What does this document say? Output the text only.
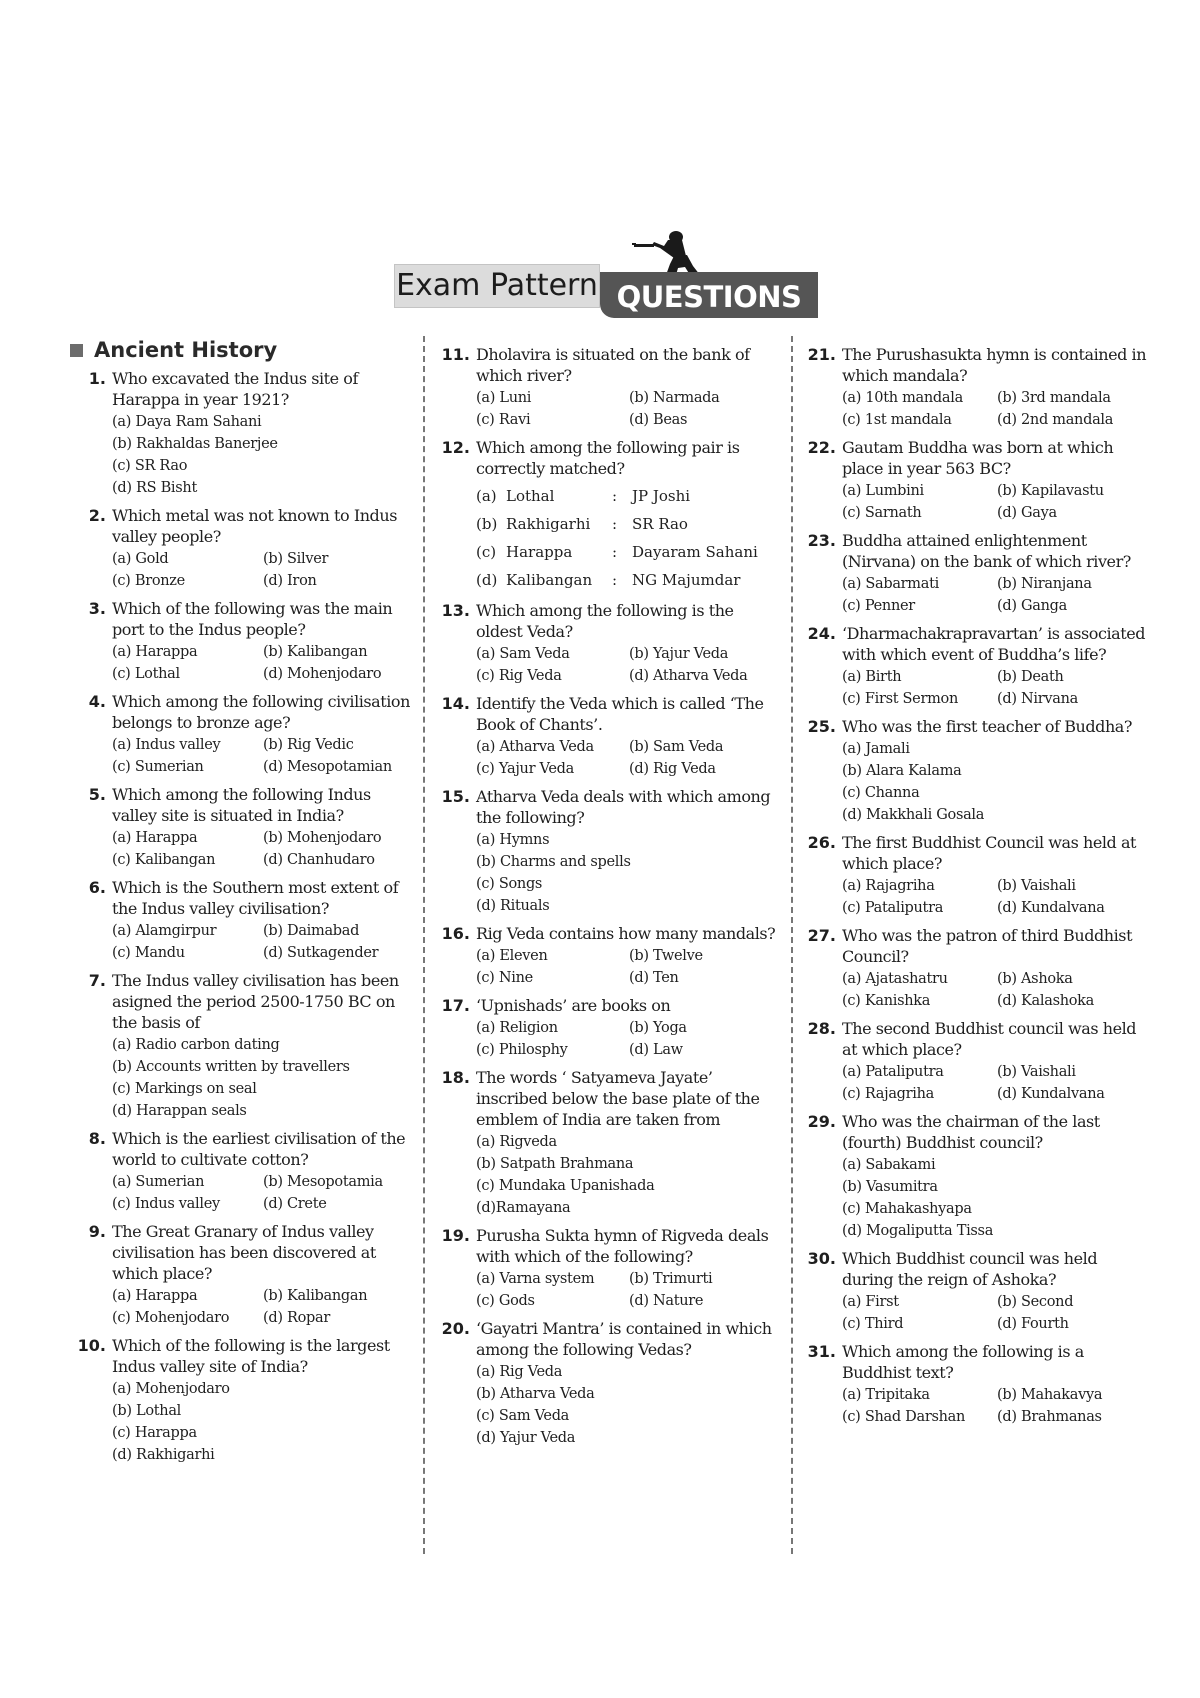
Exam Pattern QUESTIONS
Ancient History
1. Who excavated the Indus site of Harappa in year 1921?
(a) Daya Ram Sahani
(b) Rakhaldas Banerjee
(c) SR Rao
(d) RS Bisht
2. Which metal was not known to Indus valley people?
(a) Gold	(b) Silver
(c) Bronze	(d) Iron
3. Which of the following was the main port to the Indus people?
(a) Harappa	(b) Kalibangan
(c) Lothal	(d) Mohenjodaro
4. Which among the following civilisation belongs to bronze age?
(a) Indus valley	(b) Rig Vedic
(c) Sumerian	(d) Mesopotamian
5. Which among the following Indus valley site is situated in India?
(a) Harappa	(b) Mohenjodaro
(c) Kalibangan	(d) Chanhudaro
6. Which is the Southern most extent of the Indus valley civilisation?
(a) Alamgirpur	(b) Daimabad
(c) Mandu	(d) Sutkagender
7. The Indus valley civilisation has been asigned the period 2500-1750 BC on the basis of
(a) Radio carbon dating
(b) Accounts written by travellers
(c) Markings on seal
(d) Harappan seals
8. Which is the earliest civilisation of the world to cultivate cotton?
(a) Sumerian	(b) Mesopotamia
(c) Indus valley	(d) Crete
9. The Great Granary of Indus valley civilisation has been discovered at which place?
(a) Harappa	(b) Kalibangan
(c) Mohenjodaro	(d) Ropar
10. Which of the following is the largest Indus valley site of India?
(a) Mohenjodaro
(b) Lothal
(c) Harappa
(d) Rakhigarhi
11. Dholavira is situated on the bank of which river?
(a) Luni	(b) Narmada
(c) Ravi	(d) Beas
12. Which among the following pair is correctly matched?
(a) Lothal	: JP Joshi
(b) Rakhigarhi	: SR Rao
(c) Harappa	: Dayaram Sahani
(d) Kalibangan	: NG Majumdar
13. Which among the following is the oldest Veda?
(a) Sam Veda	(b) Yajur Veda
(c) Rig Veda	(d) Atharva Veda
14. Identify the Veda which is called ‘The Book of Chants’.
(a) Atharva Veda	(b) Sam Veda
(c) Yajur Veda	(d) Rig Veda
15. Atharva Veda deals with which among the following?
(a) Hymns
(b) Charms and spells
(c) Songs
(d) Rituals
16. Rig Veda contains how many mandals?
(a) Eleven	(b) Twelve
(c) Nine	(d) Ten
17. ‘Upnishads’ are books on
(a) Religion	(b) Yoga
(c) Philosphy	(d) Law
18. The words ‘ Satyameva Jayate’ inscribed below the base plate of the emblem of India are taken from
(a) Rigveda
(b) Satpath Brahmana
(c) Mundaka Upanishada
(d)Ramayana
19. Purusha Sukta hymn of Rigveda deals with which of the following?
(a) Varna system	(b) Trimurti
(c) Gods	(d) Nature
20. ‘Gayatri Mantra’ is contained in which among the following Vedas?
(a) Rig Veda
(b) Atharva Veda
(c) Sam Veda
(d) Yajur Veda
21. The Purushasukta hymn is contained in which mandala?
(a) 10th mandala	(b) 3rd mandala
(c) 1st mandala	(d) 2nd mandala
22. Gautam Buddha was born at which place in year 563 BC?
(a) Lumbini	(b) Kapilavastu
(c) Sarnath	(d) Gaya
23. Buddha attained enlightenment (Nirvana) on the bank of which river?
(a) Sabarmati	(b) Niranjana
(c) Penner	(d) Ganga
24. ‘Dharmachakrapravartan’ is associated with which event of Buddha’s life?
(a) Birth	(b) Death
(c) First Sermon	(d) Nirvana
25. Who was the first teacher of Buddha?
(a) Jamali
(b) Alara Kalama
(c) Channa
(d) Makkhali Gosala
26. The first Buddhist Council was held at which place?
(a) Rajagriha	(b) Vaishali
(c) Pataliputra	(d) Kundalvana
27. Who was the patron of third Buddhist Council?
(a) Ajatashatru	(b) Ashoka
(c) Kanishka	(d) Kalashoka
28. The second Buddhist council was held at which place?
(a) Pataliputra	(b) Vaishali
(c) Rajagriha	(d) Kundalvana
29. Who was the chairman of the last (fourth) Buddhist council?
(a) Sabakami
(b) Vasumitra
(c) Mahakashyapa
(d) Mogaliputta Tissa
30. Which Buddhist council was held during the reign of Ashoka?
(a) First	(b) Second
(c) Third	(d) Fourth
31. Which among the following is a Buddhist text?
(a) Tripitaka	(b) Mahakavya
(c) Shad Darshan	(d) Brahmanas
